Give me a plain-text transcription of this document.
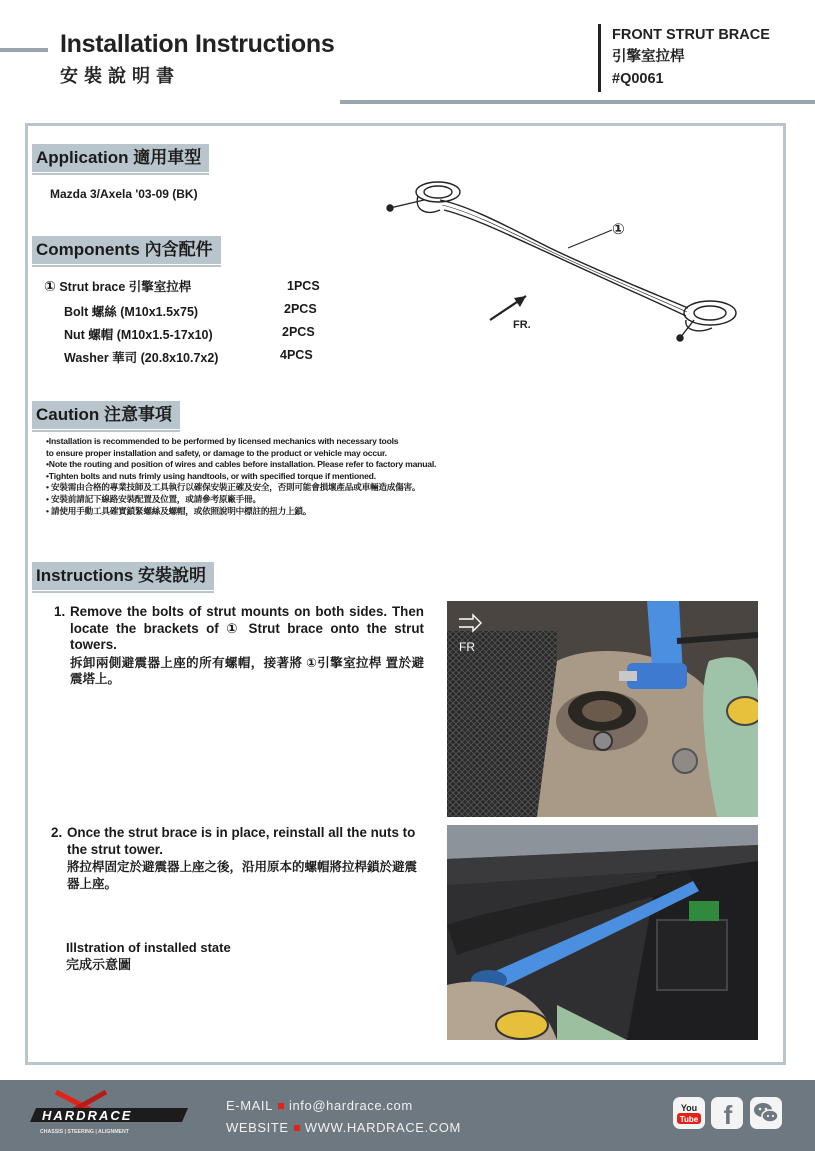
Installation Instructions
安裝說明書
FRONT STRUT BRACE
引擎室拉桿
#Q0061
Application 適用車型
Mazda 3/Axela '03-09 (BK)
Components 內含配件
① Strut brace 引擎室拉桿	1PCS
Bolt 螺絲 (M10x1.5x75)	2PCS
Nut 螺帽 (M10x1.5-17x10)	2PCS
Washer 華司 (20.8x10.7x2)	4PCS
①
FR.
Caution 注意事項
•Installation is recommended to be performed by licensed mechanics with necessary tools
to ensure proper installation and safety, or damage to the product or vehicle may occur.
•Note the routing and position of wires and cables before installation. Please refer to factory manual.
•Tighten bolts and nuts frimly using handtools, or with specified torque if mentioned.
• 安裝需由合格的專業技師及工具執行以確保安裝正確及安全，否則可能會損壞產品或車輛造成傷害。
• 安裝前請記下線路安裝配置及位置，或請參考原廠手冊。
• 請使用手動工具確實鎖緊螺絲及螺帽，或依照說明中標註的扭力上鎖。
Instructions 安裝說明
1. Remove the bolts of strut mounts on both sides. Then locate the brackets of ① Strut brace onto the strut towers.
拆卸兩側避震器上座的所有螺帽，接著將 ①引擎室拉桿 置於避震塔上。
2. Once the strut brace is in place, reinstall all the nuts to the strut tower.
將拉桿固定於避震器上座之後，沿用原本的螺帽將拉桿鎖於避震器上座。
Illstration of installed state
完成示意圖
FR
HARDRACE
CHASSIS | STEERING | ALIGNMENT
E-MAIL info@hardrace.com
WEBSITE WWW.HARDRACE.COM
You
Tube f
